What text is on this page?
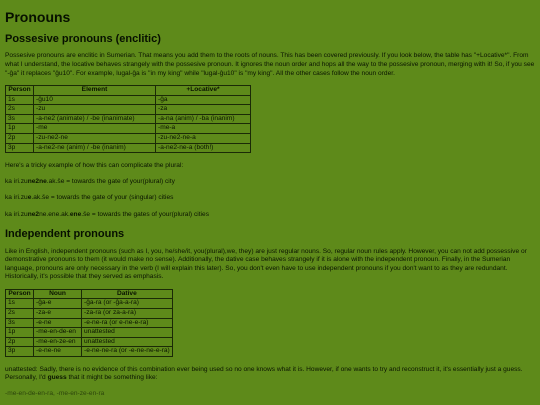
Pronouns
Possesive pronouns (enclitic)

Possesive pronouns are enclitic in Sumerian. That means you add them to the roots of nouns. This has been covered previously. If you look below, the table has "+Locative*". From what I understand, the locative behaves strangely with the possesive pronoun. It ignores the noun order and hops all the way to the possesive pronoun, merging with it! So, if you see "-ĝa" it replaces "ĝu10". For example, lugal-ĝa is "in my king" while "lugal-ĝu10" is "my king". All the other cases follow the noun order.

Person	Element	+Locative*
1s	-ĝu10	-ĝa
2s	-zu	-za
3s	-a-ne2 (animate) / -be (inanimate)	-a-na (anim) / -ba (inanim)
1p	-me	-me-a
2p	-zu-ne2-ne	-zu-ne2-ne-a
3p	-a-ne2-ne (anim) / -be (inanim)	-a-ne2-ne-a (both!)

Here's a tricky example of how this can complicate the plural:

ka iri.zune2ne.ak.še = towards the gate of your(plural) city

ka iri.zue.ak.še = towards the gate of your (singular) cities

ka iri.zune2ne.ene.ak.ene.še = towards the gates of your(plural) cities

Independent pronouns

Like in English, independent pronouns (such as I, you, he/she/it, you(plural),we, they) are just regular nouns. So, regular noun rules apply. However, you can not add possessive or demonstrative pronouns to them (it would make no sense). Additionally, the dative case behaves strangely if it is alone with the independent pronoun. Finally, in the Sumerian language, pronouns are only necessary in the verb (I will explain this later). So, you don't even have to use independent pronouns if you don't want to as they are redundant. Historically, it's possible that they served as emphasis.

Person	Noun	Dative
1s	-ĝa-e	-ĝa-ra (or -ĝa-a-ra)
2s	-za-e	-za-ra (or za-a-ra)
3s	-e-ne	-e-ne-ra (or e-ne-e-ra)
1p	-me-en-de-en	unattested
2p	-me-en-ze-en	unattested
3p	-e-ne-ne	-e-ne-ne-ra (or -e-ne-ne-e-ra)

unattested: Sadly, there is no evidence of this combination ever being used so no one knows what it is. However, if one wants to try and reconstruct it, it's essentially just a guess. Personally, I'd guess that it might be something like:

-me-en-de-en-ra, -me-en-ze-en-ra
